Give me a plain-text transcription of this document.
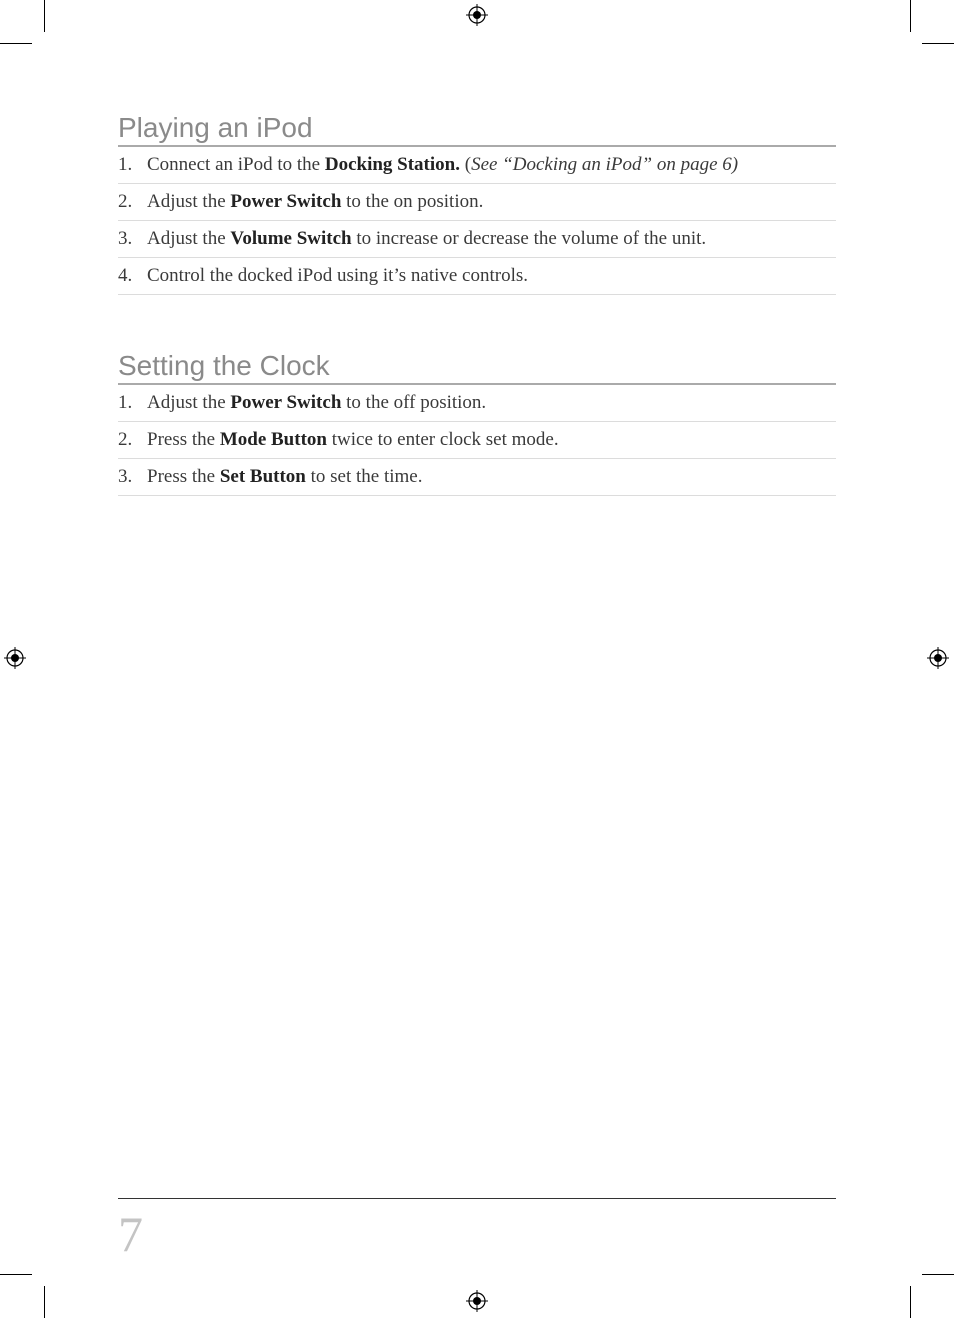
Playing an iPod
1. Connect an iPod to the Docking Station. (See “Docking an iPod” on page 6)
2. Adjust the Power Switch to the on position.
3. Adjust the Volume Switch to increase or decrease the volume of the unit.
4. Control the docked iPod using it’s native controls.
Setting the Clock
1. Adjust the Power Switch to the off position.
2. Press the Mode Button twice to enter clock set mode.
3. Press the Set Button to set the time.
7
